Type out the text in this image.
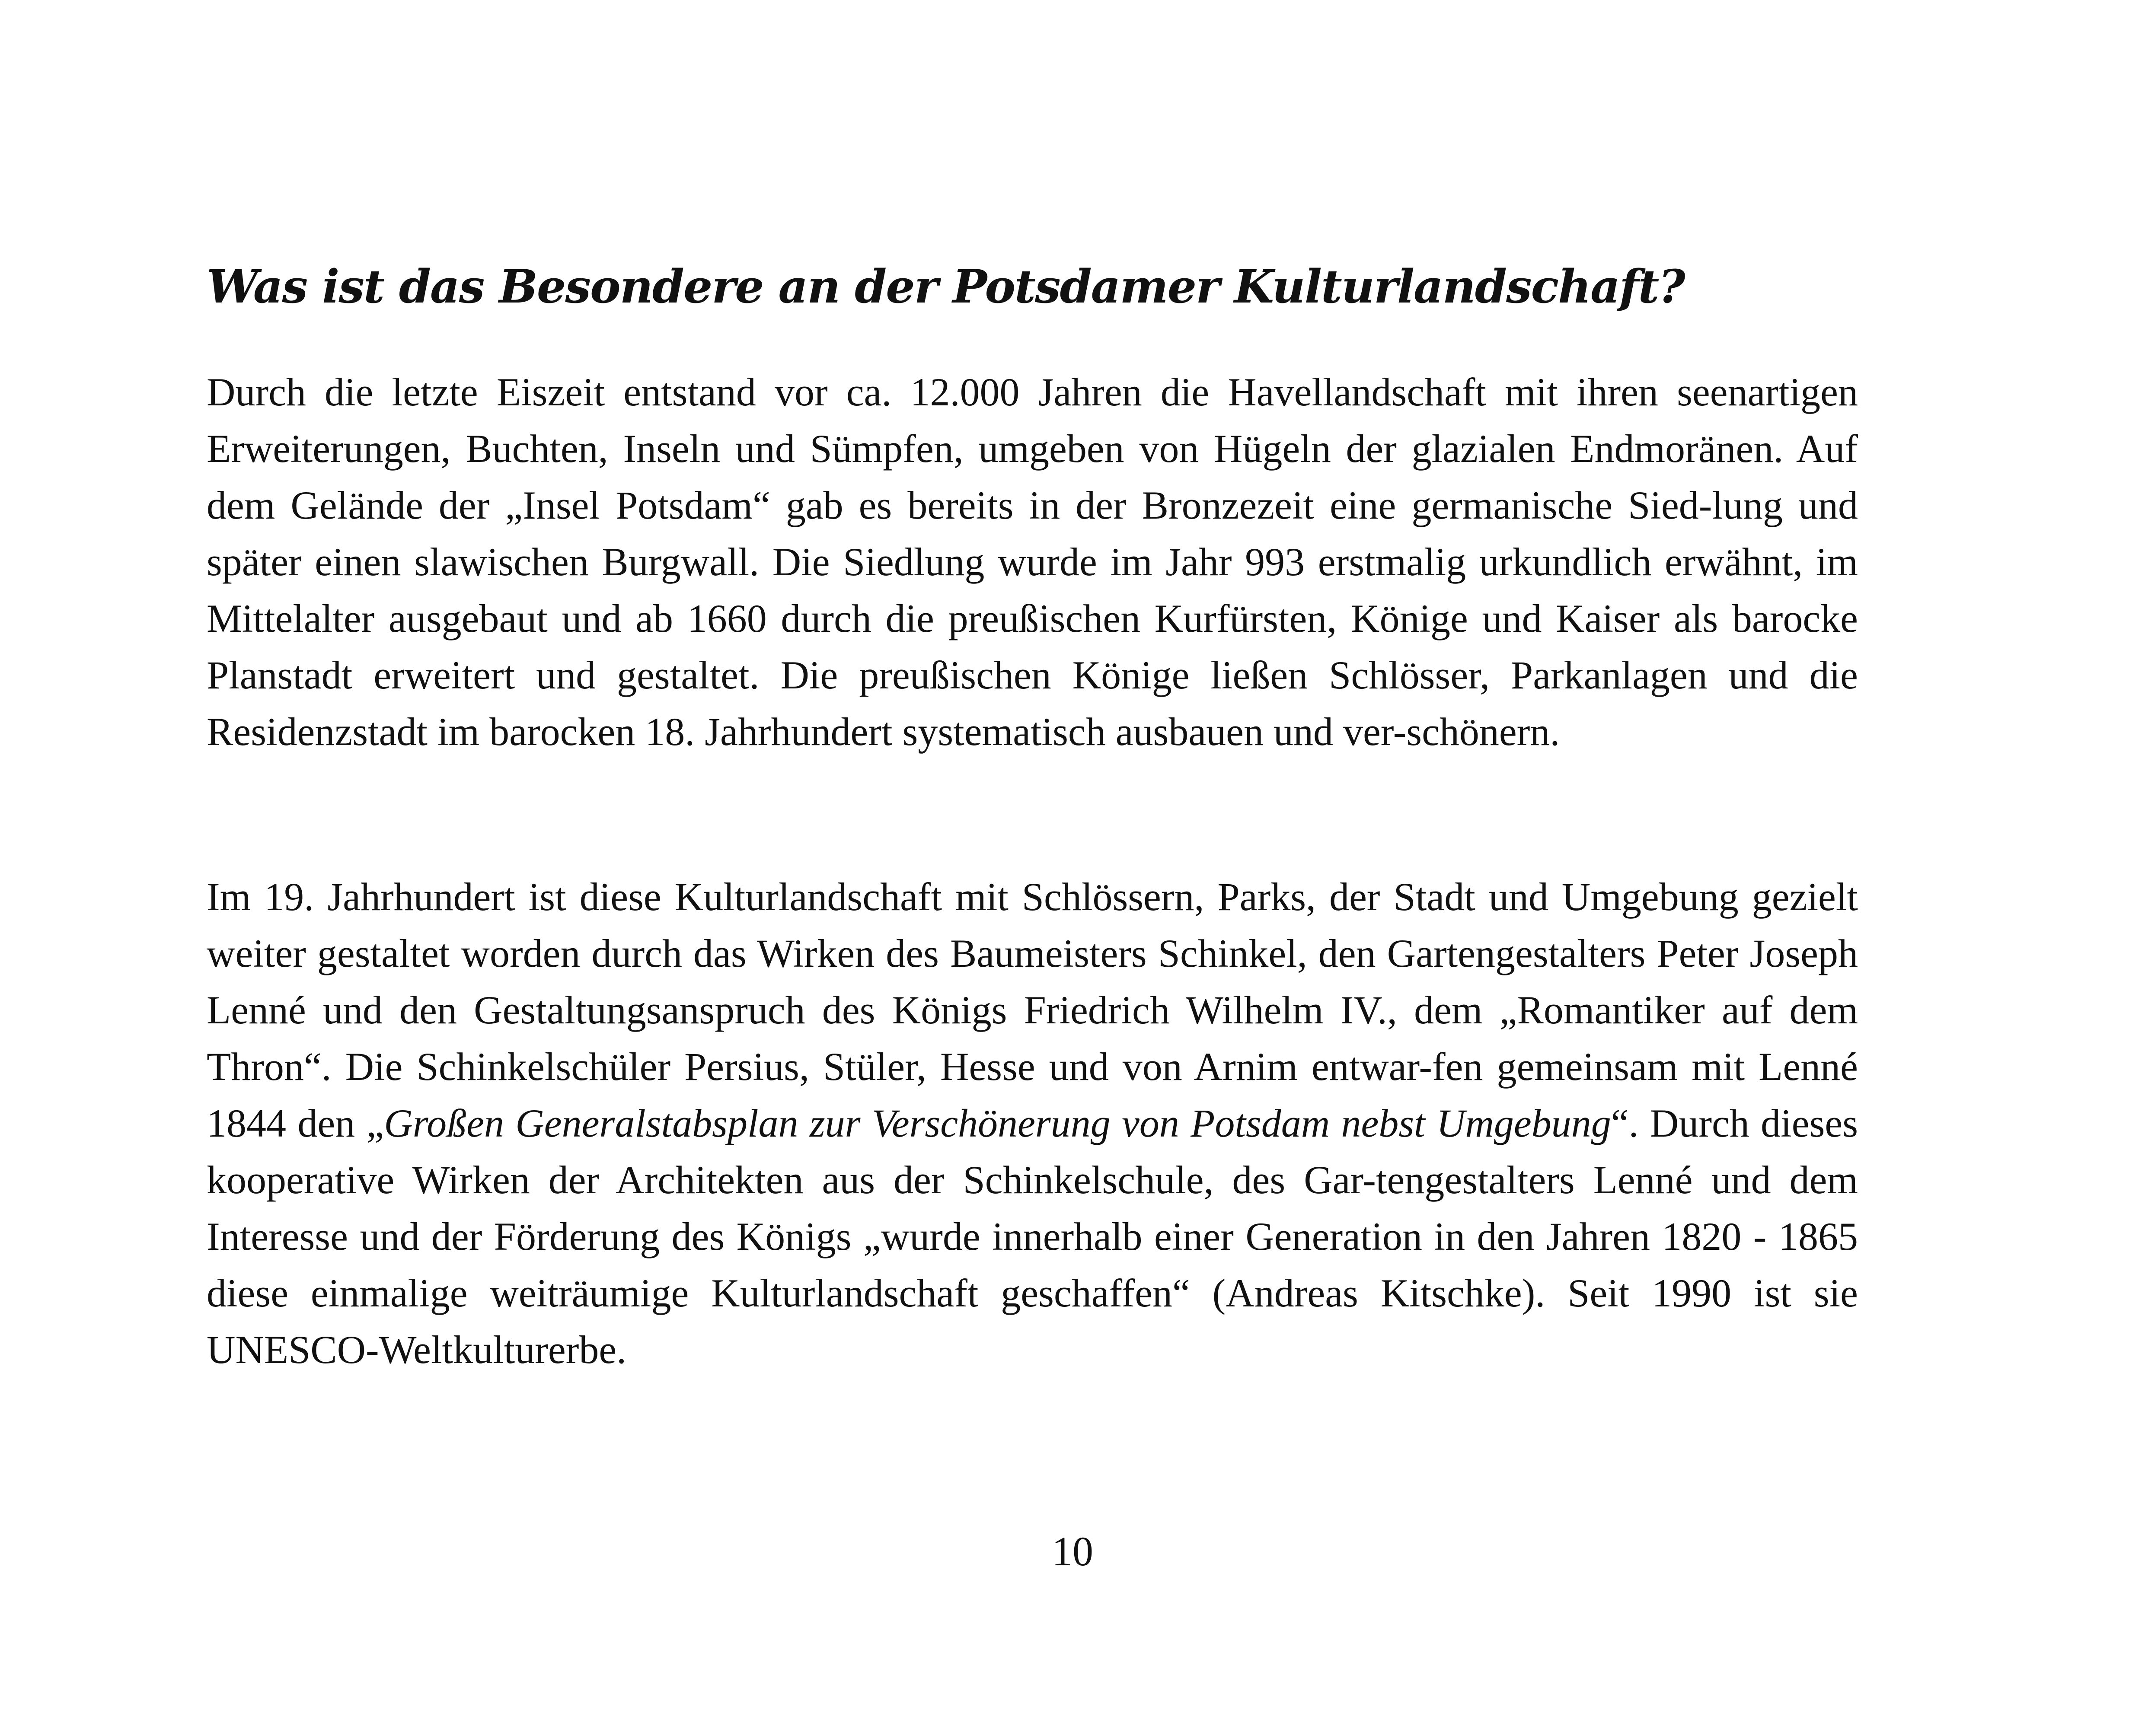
Was ist das Besondere an der Potsdamer Kulturlandschaft?

Durch die letzte Eiszeit entstand vor ca. 12.000 Jahren die Havellandschaft mit ihren seenartigen Erweiterungen, Buchten, Inseln und Sümpfen, umgeben von Hügeln der glazialen Endmoränen. Auf dem Gelände der „Insel Potsdam“ gab es bereits in der Bronzezeit eine germanische Sied-lung und später einen slawischen Burgwall. Die Siedlung wurde im Jahr 993 erstmalig urkundlich erwähnt, im Mittelalter ausgebaut und ab 1660 durch die preußischen Kurfürsten, Könige und Kaiser als barocke Planstadt erweitert und gestaltet. Die preußischen Könige ließen Schlösser, Parkanlagen und die Residenzstadt im barocken 18. Jahrhundert systematisch ausbauen und ver-schönern.

Im 19. Jahrhundert ist diese Kulturlandschaft mit Schlössern, Parks, der Stadt und Umgebung gezielt weiter gestaltet worden durch das Wirken des Baumeisters Schinkel, den Gartengestalters Peter Joseph Lenné und den Gestaltungsanspruch des Königs Friedrich Wilhelm IV., dem „Romantiker auf dem Thron“. Die Schinkelschüler Persius, Stüler, Hesse und von Arnim entwar-fen gemeinsam mit Lenné 1844 den „Großen Generalstabsplan zur Verschönerung von Potsdam nebst Umgebung“. Durch dieses kooperative Wirken der Architekten aus der Schinkelschule, des Gar-tengestalters Lenné und dem Interesse und der Förderung des Königs „wurde innerhalb einer Generation in den Jahren 1820 - 1865 diese einmalige weiträumige Kulturlandschaft geschaffen“ (Andreas Kitschke). Seit 1990 ist sie UNESCO-Weltkulturerbe.

10
